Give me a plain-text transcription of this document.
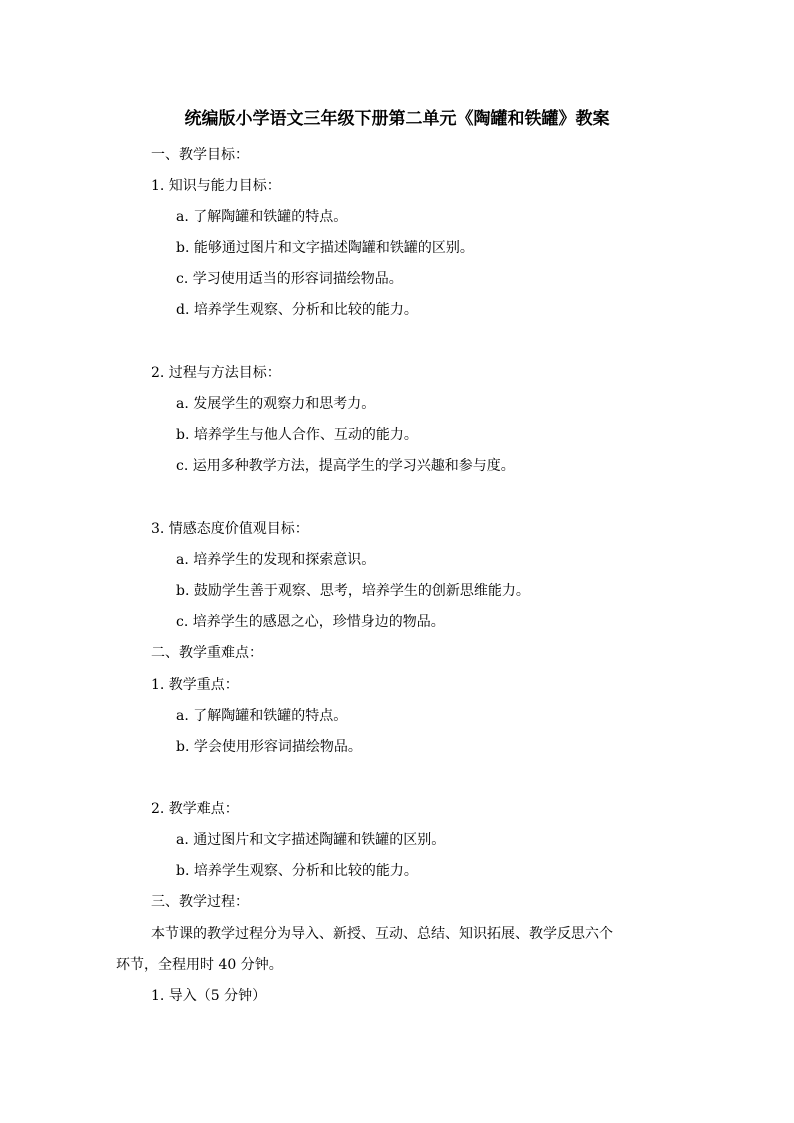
统编版小学语文三年级下册第二单元《陶罐和铁罐》教案
一、教学目标：
1. 知识与能力目标：
a. 了解陶罐和铁罐的特点。
b. 能够通过图片和文字描述陶罐和铁罐的区别。
c. 学习使用适当的形容词描绘物品。
d. 培养学生观察、分析和比较的能力。
2. 过程与方法目标：
a. 发展学生的观察力和思考力。
b. 培养学生与他人合作、互动的能力。
c. 运用多种教学方法，提高学生的学习兴趣和参与度。
3. 情感态度价值观目标：
a. 培养学生的发现和探索意识。
b. 鼓励学生善于观察、思考，培养学生的创新思维能力。
c. 培养学生的感恩之心，珍惜身边的物品。
二、教学重难点：
1. 教学重点：
a. 了解陶罐和铁罐的特点。
b. 学会使用形容词描绘物品。
2. 教学难点：
a. 通过图片和文字描述陶罐和铁罐的区别。
b. 培养学生观察、分析和比较的能力。
三、教学过程：
本节课的教学过程分为导入、新授、互动、总结、知识拓展、教学反思六个
环节，全程用时 40 分钟。
1. 导入（5 分钟）
